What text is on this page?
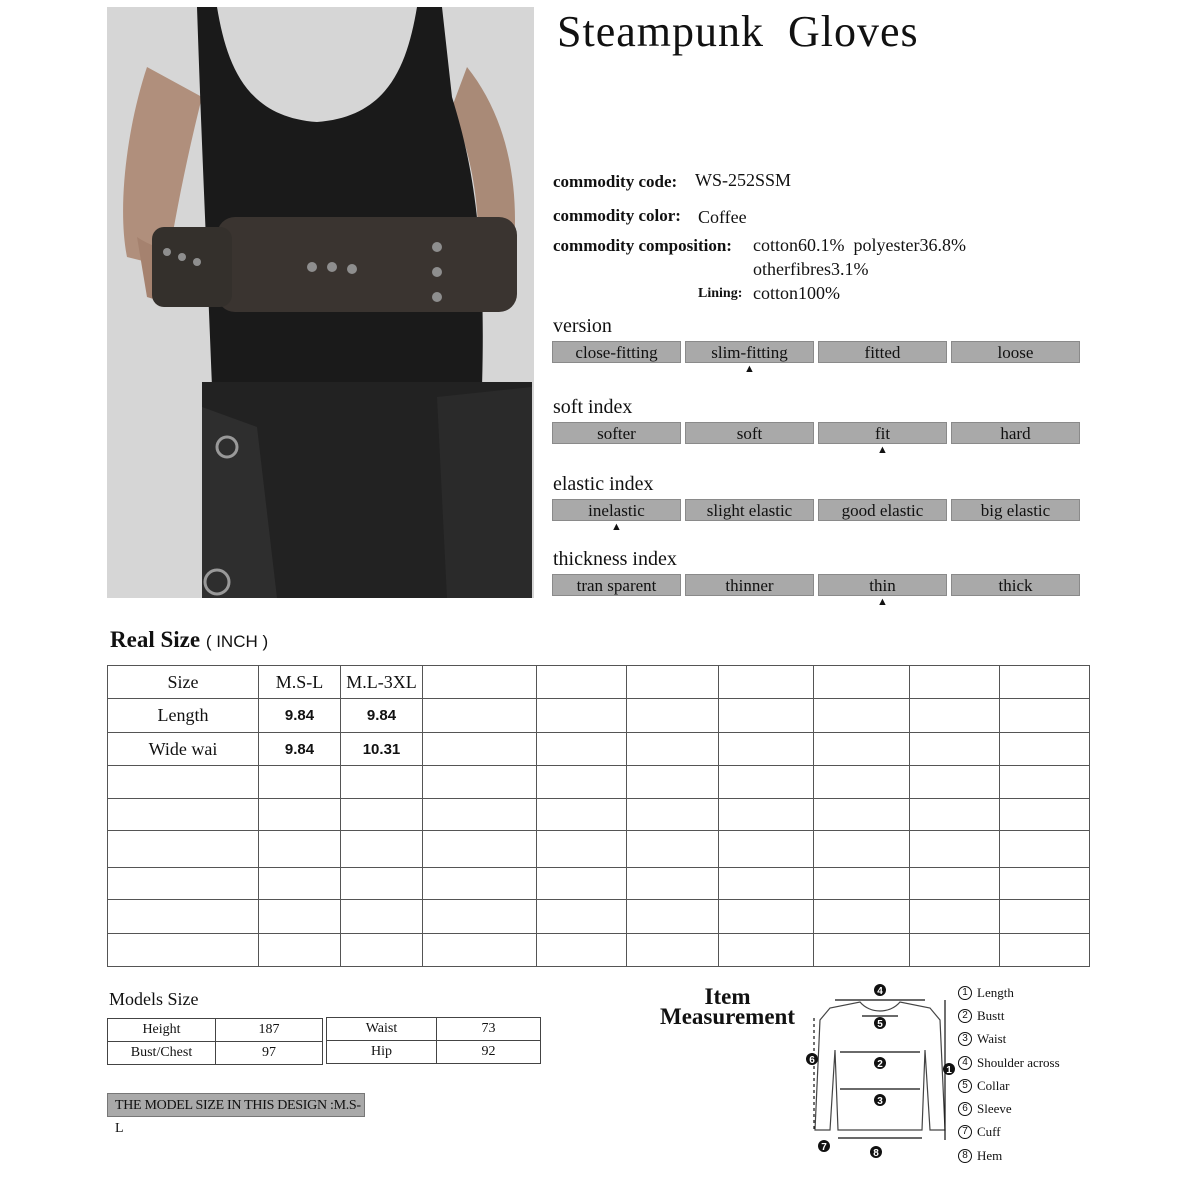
Steampunk  Gloves
commodity code: WS-252SSM
commodity color: Coffee
commodity composition: cotton60.1%  polyester36.8%
otherfibres3.1%
Lining: cotton100%
version
close-fitting	slim-fitting
▲
fitted	loose
soft index
softer	soft	fit
▲
hard
elastic index
inelastic
▲
slight elastic	good elastic	big elastic
thickness index
tran sparent	thinner	thin
▲
thick
Real Size ( INCH )
Size	M.S-L	M.L-3XL							
Length	9.84	9.84							
Wide wai	9.84	10.31							

Models Size
Height	187
Bust/Chest	97
Waist	73
Hip	92
THE MODEL SIZE IN THIS DESIGN :M.S-L
Item
Measurement
4
5
2
3
8
1
6
7
1 Length
2 Bustt
3 Waist
4 Shoulder across
5 Collar
6 Sleeve
7 Cuff
8 Hem
